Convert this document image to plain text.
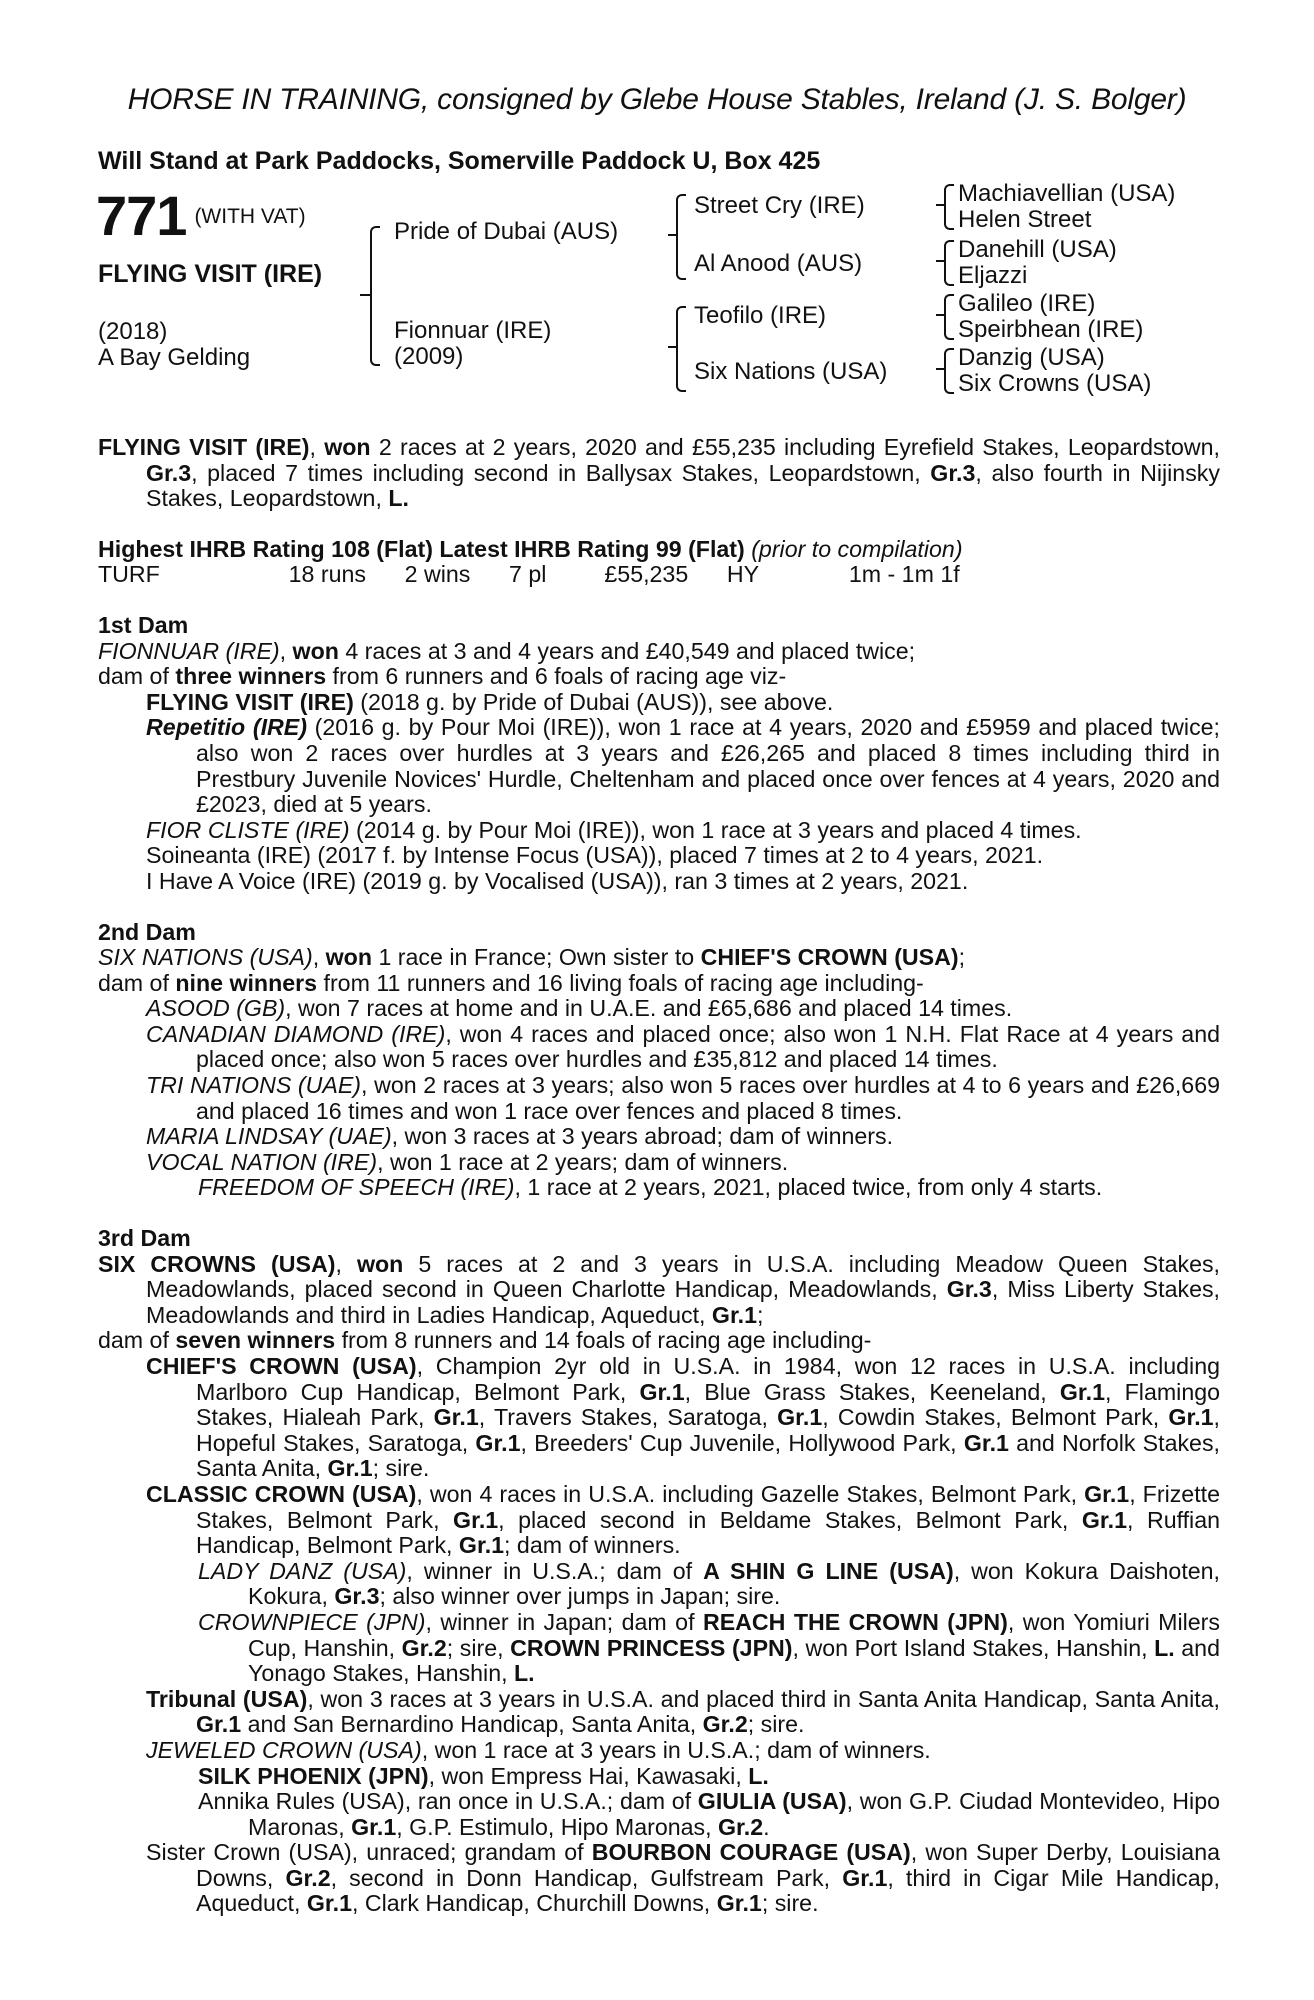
HORSE IN TRAINING, consigned by Glebe House Stables, Ireland (J. S. Bolger)
Will Stand at Park Paddocks, Somerville Paddock U, Box 425
771 (WITH VAT)
FLYING VISIT (IRE)
(2018)
A Bay Gelding
Pride of Dubai (AUS)
Fionnuar (IRE)
(2009)
Street Cry (IRE)
Al Anood (AUS)
Teofilo (IRE)
Six Nations (USA)
Machiavellian (USA)
Helen Street
Danehill (USA)
Eljazzi
Galileo (IRE)
Speirbhean (IRE)
Danzig (USA)
Six Crowns (USA)

FLYING VISIT (IRE), won 2 races at 2 years, 2020 and £55,235 including Eyrefield Stakes, Leopardstown, Gr.3, placed 7 times including second in Ballysax Stakes, Leopardstown, Gr.3, also fourth in Nijinsky Stakes, Leopardstown, L.

Highest IHRB Rating 108 (Flat) Latest IHRB Rating 99 (Flat) (prior to compilation)

TURF                    18 runs      2 wins      7 pl         £55,235      HY              1m - 1m 1f

1st Dam

FIONNUAR (IRE), won 4 races at 3 and 4 years and £40,549 and placed twice;

dam of three winners from 6 runners and 6 foals of racing age viz-

FLYING VISIT (IRE) (2018 g. by Pride of Dubai (AUS)), see above.

Repetitio (IRE) (2016 g. by Pour Moi (IRE)), won 1 race at 4 years, 2020 and £5959 and placed twice; also won 2 races over hurdles at 3 years and £26,265 and placed 8 times including third in Prestbury Juvenile Novices' Hurdle, Cheltenham and placed once over fences at 4 years, 2020 and £2023, died at 5 years.

FIOR CLISTE (IRE) (2014 g. by Pour Moi (IRE)), won 1 race at 3 years and placed 4 times.

Soineanta (IRE) (2017 f. by Intense Focus (USA)), placed 7 times at 2 to 4 years, 2021.

I Have A Voice (IRE) (2019 g. by Vocalised (USA)), ran 3 times at 2 years, 2021.

2nd Dam

SIX NATIONS (USA), won 1 race in France; Own sister to CHIEF'S CROWN (USA);

dam of nine winners from 11 runners and 16 living foals of racing age including-

ASOOD (GB), won 7 races at home and in U.A.E. and £65,686 and placed 14 times.

CANADIAN DIAMOND (IRE), won 4 races and placed once; also won 1 N.H. Flat Race at 4 years and placed once; also won 5 races over hurdles and £35,812 and placed 14 times.

TRI NATIONS (UAE), won 2 races at 3 years; also won 5 races over hurdles at 4 to 6 years and £26,669 and placed 16 times and won 1 race over fences and placed 8 times.

MARIA LINDSAY (UAE), won 3 races at 3 years abroad; dam of winners.

VOCAL NATION (IRE), won 1 race at 2 years; dam of winners.

FREEDOM OF SPEECH (IRE), 1 race at 2 years, 2021, placed twice, from only 4 starts.

3rd Dam

SIX CROWNS (USA), won 5 races at 2 and 3 years in U.S.A. including Meadow Queen Stakes, Meadowlands, placed second in Queen Charlotte Handicap, Meadowlands, Gr.3, Miss Liberty Stakes, Meadowlands and third in Ladies Handicap, Aqueduct, Gr.1;

dam of seven winners from 8 runners and 14 foals of racing age including-

CHIEF'S CROWN (USA), Champion 2yr old in U.S.A. in 1984, won 12 races in U.S.A. including Marlboro Cup Handicap, Belmont Park, Gr.1, Blue Grass Stakes, Keeneland, Gr.1, Flamingo Stakes, Hialeah Park, Gr.1, Travers Stakes, Saratoga, Gr.1, Cowdin Stakes, Belmont Park, Gr.1, Hopeful Stakes, Saratoga, Gr.1, Breeders' Cup Juvenile, Hollywood Park, Gr.1 and Norfolk Stakes, Santa Anita, Gr.1; sire.

CLASSIC CROWN (USA), won 4 races in U.S.A. including Gazelle Stakes, Belmont Park, Gr.1, Frizette Stakes, Belmont Park, Gr.1, placed second in Beldame Stakes, Belmont Park, Gr.1, Ruffian Handicap, Belmont Park, Gr.1; dam of winners.

LADY DANZ (USA), winner in U.S.A.; dam of A SHIN G LINE (USA), won Kokura Daishoten, Kokura, Gr.3; also winner over jumps in Japan; sire.

CROWNPIECE (JPN), winner in Japan; dam of REACH THE CROWN (JPN), won Yomiuri Milers Cup, Hanshin, Gr.2; sire, CROWN PRINCESS (JPN), won Port Island Stakes, Hanshin, L. and Yonago Stakes, Hanshin, L.

Tribunal (USA), won 3 races at 3 years in U.S.A. and placed third in Santa Anita Handicap, Santa Anita, Gr.1 and San Bernardino Handicap, Santa Anita, Gr.2; sire.

JEWELED CROWN (USA), won 1 race at 3 years in U.S.A.; dam of winners.

SILK PHOENIX (JPN), won Empress Hai, Kawasaki, L.

Annika Rules (USA), ran once in U.S.A.; dam of GIULIA (USA), won G.P. Ciudad Montevideo, Hipo Maronas, Gr.1, G.P. Estimulo, Hipo Maronas, Gr.2.

Sister Crown (USA), unraced; grandam of BOURBON COURAGE (USA), won Super Derby, Louisiana Downs, Gr.2, second in Donn Handicap, Gulfstream Park, Gr.1, third in Cigar Mile Handicap, Aqueduct, Gr.1, Clark Handicap, Churchill Downs, Gr.1; sire.
